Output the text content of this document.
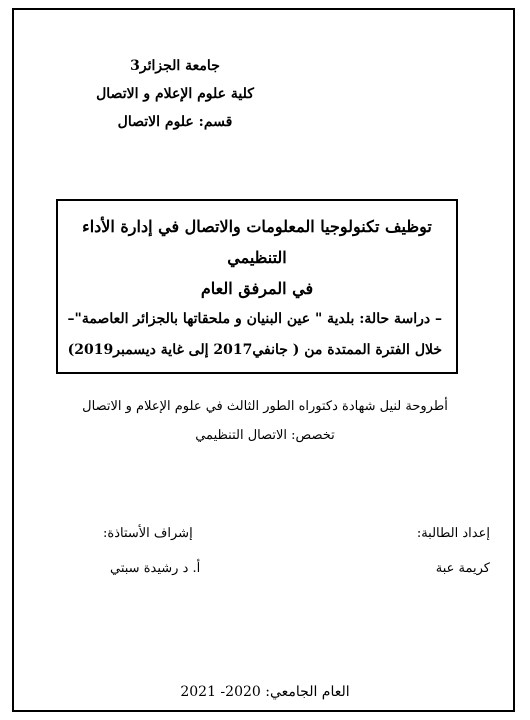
جامعة الجزائر3
كلية علوم الإعلام و الاتصال
قسم: علوم الاتصال
توظيف تكنولوجيا المعلومات والاتصال في إدارة الأداء التنظيمي
في المرفق العام
– دراسة حالة: بلدية " عين البنيان و ملحقاتها بالجزائر العاصمة"–
خلال الفترة الممتدة من ( جانفي2017 إلى غاية ديسمبر2019)
أطروحة لنيل شهادة دكتوراه الطور الثالث في علوم الإعلام و الاتصال
تخصص: الاتصال التنظيمي
إعداد الطالبة:
كريمة عبة
إشراف الأستاذة:
أ. د رشيدة سبتي
العام الجامعي: 2020- 2021
